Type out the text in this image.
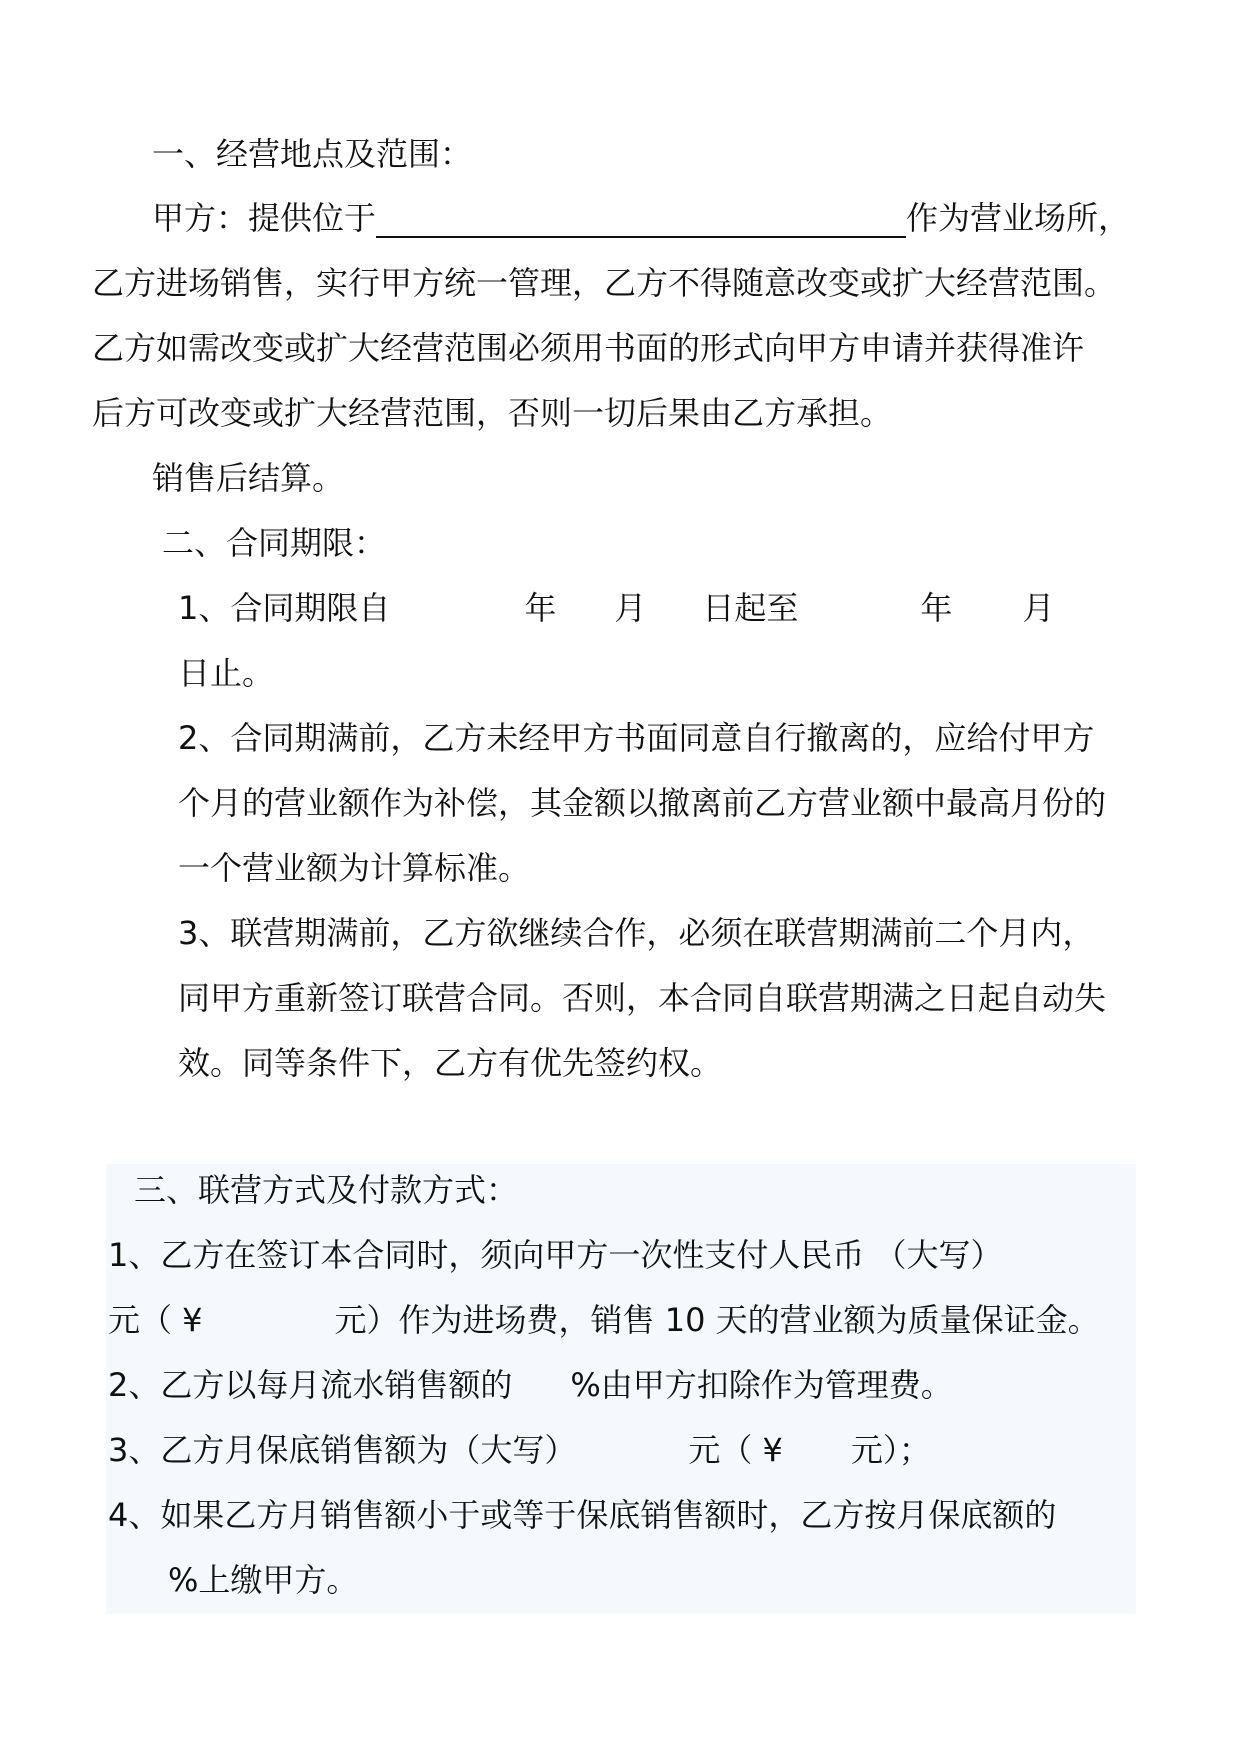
一、经营地点及范围：
甲方：提供位于	作为营业场所，
乙方进场销售，实行甲方统一管理，乙方不得随意改变或扩大经营范围。
乙方如需改变或扩大经营范围必须用书面的形式向甲方申请并获得准许
后方可改变或扩大经营范围，否则一切后果由乙方承担。
销售后结算。
二、合同期限：
1、合同期限自	年 月 日起至	年 月
日止。
2、合同期满前，乙方未经甲方书面同意自行撤离的，应给付甲方
个月的营业额作为补偿，其金额以撤离前乙方营业额中最高月份的
一个营业额为计算标准。
3、联营期满前，乙方欲继续合作，必须在联营期满前二个月内，
同甲方重新签订联营合同。否则，本合同自联营期满之日起自动失
效。同等条件下，乙方有优先签约权。
三、联营方式及付款方式：
1、乙方在签订本合同时，须向甲方一次性支付人民币 （大写）
元（ ¥	元）作为进场费，销售 10 天的营业额为质量保证金。
2、乙方以每月流水销售额的 %由甲方扣除作为管理费。
3、乙方月保底销售额为（大写）	元（ ¥ 元）；
4、如果乙方月销售额小于或等于保底销售额时，乙方按月保底额的
%上缴甲方。
